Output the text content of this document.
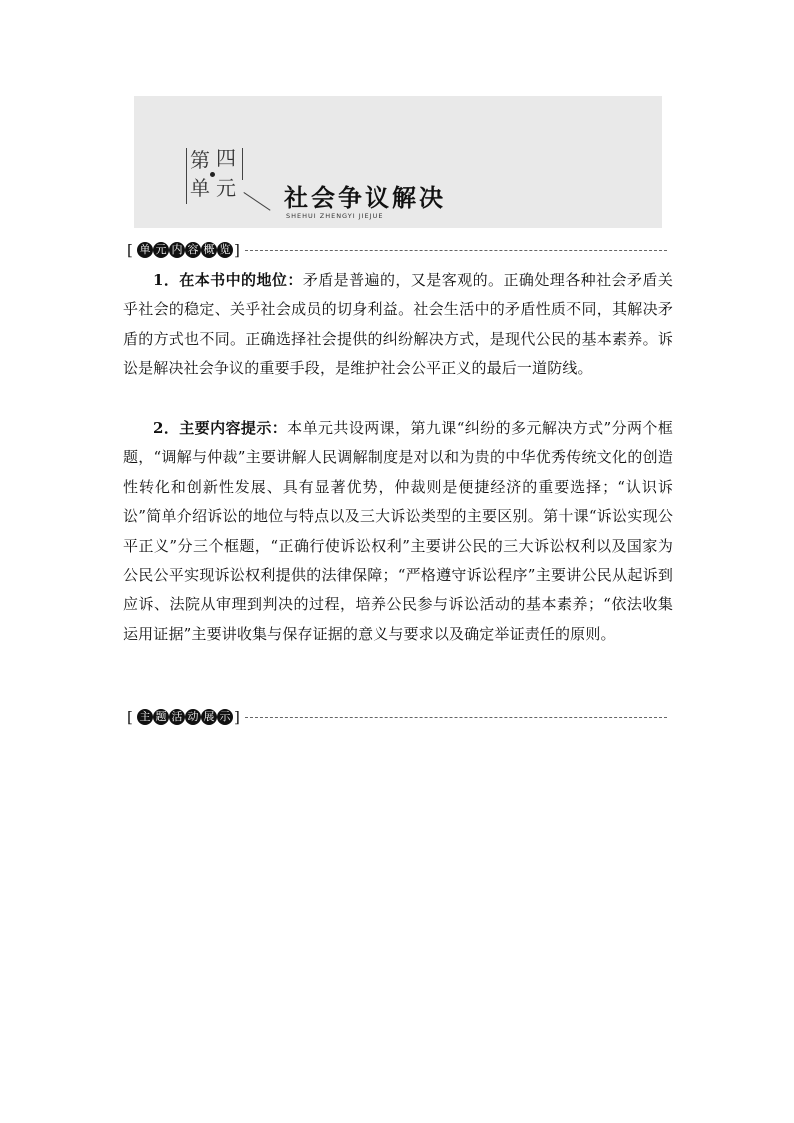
第 四
单 元 社会争议解决
SHEHUI ZHENGYI JIEJUE
[ 单 元 内 容 概 览 ]

1．在本书中的地位：矛盾是普遍的，又是客观的。正确处理各种社会矛盾关乎社会的稳定、关乎社会成员的切身利益。社会生活中的矛盾性质不同，其解决矛盾的方式也不同。正确选择社会提供的纠纷解决方式，是现代公民的基本素养。诉讼是解决社会争议的重要手段，是维护社会公平正义的最后一道防线。

2．主要内容提示：本单元共设两课，第九课“纠纷的多元解决方式”分两个框题，“调解与仲裁”主要讲解人民调解制度是对以和为贵的中华优秀传统文化的创造性转化和创新性发展、具有显著优势，仲裁则是便捷经济的重要选择；“认识诉讼”简单介绍诉讼的地位与特点以及三大诉讼类型的主要区别。第十课“诉讼实现公平正义”分三个框题，“正确行使诉讼权利”主要讲公民的三大诉讼权利以及国家为公民公平实现诉讼权利提供的法律保障；“严格遵守诉讼程序”主要讲公民从起诉到应诉、法院从审理到判决的过程，培养公民参与诉讼活动的基本素养；“依法收集运用证据”主要讲收集与保存证据的意义与要求以及确定举证责任的原则。

[ 主 题 活 动 展 示 ]
